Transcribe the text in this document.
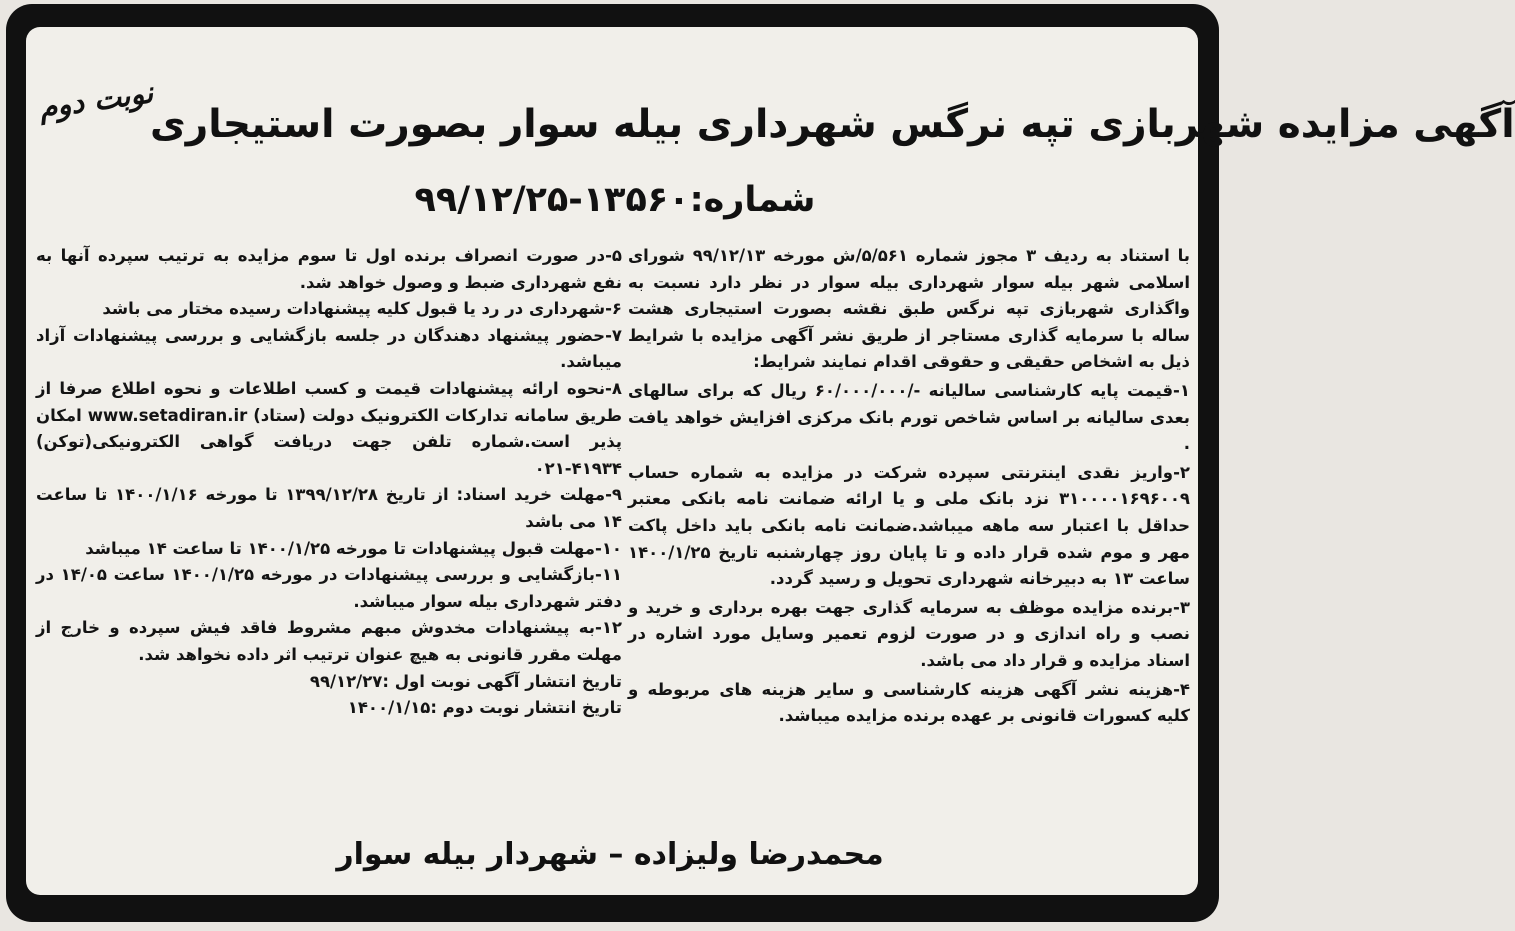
نوبت دوم
آگهی مزایده شهربازی تپه نرگس شهرداری بیله سوار بصورت استیجاری
شماره:۱۳۵۶۰-۹۹/۱۲/۲۵

با استناد به ردیف ۳ مجوز شماره ۵/۵۶۱/ش مورخه ۹۹/۱۲/۱۳ شورای اسلامی شهر بیله سوار شهرداری بیله سوار در نظر دارد نسبت به واگذاری شهربازی تپه نرگس طبق نقشه بصورت استیجاری هشت ساله با سرمایه گذاری مستاجر از طریق نشر آگهی مزایده با شرایط ذیل به اشخاص حقیقی و حقوقی اقدام نمایند شرایط:

۱-قیمت پایه کارشناسی سالیانه -/۶۰/۰۰۰/۰۰۰ ریال که برای سالهای بعدی سالیانه بر اساس شاخص تورم بانک مرکزی افزایش خواهد یافت .

۲-واریز نقدی اینترنتی سپرده شرکت در مزایده به شماره حساب ۳۱۰۰۰۰۱۶۹۶۰۰۹ نزد بانک ملی و یا ارائه ضمانت نامه بانکی معتبر حداقل با اعتبار سه ماهه میباشد.ضمانت نامه بانکی باید داخل پاکت مهر و موم شده قرار داده و تا پایان روز چهارشنبه تاریخ ۱۴۰۰/۱/۲۵ ساعت ۱۳ به دبیرخانه شهرداری تحویل و رسید گردد.

۳-برنده مزایده موظف به سرمایه گذاری جهت بهره برداری و خرید و نصب و راه اندازی و در صورت لزوم تعمیر وسایل مورد اشاره در اسناد مزایده و قرار داد می باشد.

۴-هزینه نشر آگهی هزینه کارشناسی و سایر هزینه های مربوطه و کلیه کسورات قانونی بر عهده برنده مزایده میباشد.

۵-در صورت انصراف برنده اول تا سوم مزایده به ترتیب سپرده آنها به نفع شهرداری ضبط و وصول خواهد شد.

۶-شهرداری در رد یا قبول کلیه پیشنهادات رسیده مختار می باشد

۷-حضور پیشنهاد دهندگان در جلسه بازگشایی و بررسی پیشنهادات آزاد میباشد.

۸-نحوه ارائه پیشنهادات قیمت و کسب اطلاعات و نحوه اطلاع صرفا از طریق سامانه تدارکات الکترونیک دولت (ستاد) www.setadiran.ir امکان پذیر است.شماره تلفن جهت دریافت گواهی الکترونیکی(توکن) ۴۱۹۳۴-۰۲۱

۹-مهلت خرید اسناد: از تاریخ ۱۳۹۹/۱۲/۲۸ تا مورخه ۱۴۰۰/۱/۱۶ تا ساعت ۱۴ می باشد

۱۰-مهلت قبول پیشنهادات تا مورخه ۱۴۰۰/۱/۲۵ تا ساعت ۱۴ میباشد

۱۱-بازگشایی و بررسی پیشنهادات در مورخه ۱۴۰۰/۱/۲۵ ساعت ۱۴/۰۵ در دفتر شهرداری بیله سوار میباشد.

۱۲-به پیشنهادات مخدوش مبهم مشروط فاقد فیش سپرده و خارج از مهلت مقرر قانونی به هیچ عنوان ترتیب اثر داده نخواهد شد.

تاریخ انتشار آگهی نوبت اول :۹۹/۱۲/۲۷

تاریخ انتشار نوبت دوم :۱۴۰۰/۱/۱۵

محمدرضا ولیزاده – شهردار بیله سوار
